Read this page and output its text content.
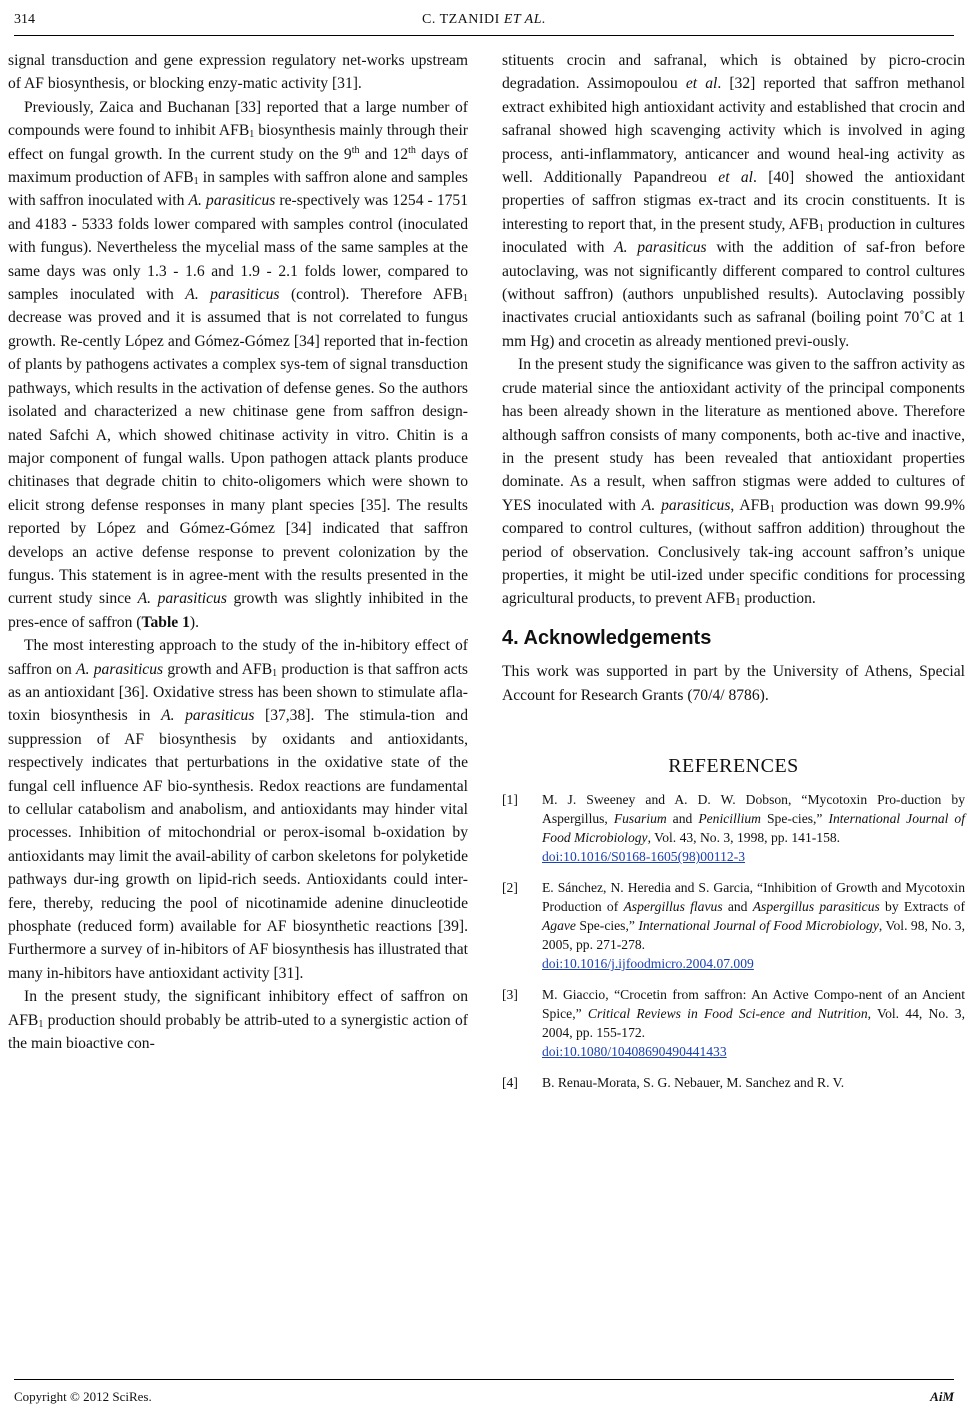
314	C. TZANIDI ET AL.

signal transduction and gene expression regulatory net-works upstream of AF biosynthesis, or blocking enzy-matic activity [31].

Previously, Zaica and Buchanan [33] reported that a large number of compounds were found to inhibit $AFB_1$ biosynthesis mainly through their effect on fungal growth. In the current study on the 9th and 12th days of maximum production of $AFB_1$ in samples with saffron alone and samples with saffron inoculated with A. parasiticus re-spectively was 1254 - 1751 and 4183 - 5333 folds lower compared with samples control (inoculated with fungus). Nevertheless the mycelial mass of the same samples at the same days was only 1.3 - 1.6 and 1.9 - 2.1 folds lower, compared to samples inoculated with A. parasiticus (control). Therefore $AFB_1$ decrease was proved and it is assumed that is not correlated to fungus growth. Re-cently López and Gómez-Gómez [34] reported that in-fection of plants by pathogens activates a complex sys-tem of signal transduction pathways, which results in the activation of defense genes. So the authors isolated and characterized a new chitinase gene from saffron design-nated Safchi A, which showed chitinase activity in vitro. Chitin is a major component of fungal walls. Upon pathogen attack plants produce chitinases that degrade chitin to chito-oligomers which were shown to elicit strong defense responses in many plant species [35]. The results reported by López and Gómez-Gómez [34] indicated that saffron develops an active defense response to prevent colonization by the fungus. This statement is in agree-ment with the results presented in the current study since A. parasiticus growth was slightly inhibited in the pres-ence of saffron (Table 1).

The most interesting approach to the study of the in-hibitory effect of saffron on A. parasiticus growth and $AFB_1$ production is that saffron acts as an antioxidant [36]. Oxidative stress has been shown to stimulate afla-toxin biosynthesis in A. parasiticus [37,38]. The stimula-tion and suppression of AF biosynthesis by oxidants and antioxidants, respectively indicates that perturbations in the oxidative state of the fungal cell influence AF bio-synthesis. Redox reactions are fundamental to cellular catabolism and anabolism, and antioxidants may hinder vital processes. Inhibition of mitochondrial or perox-isomal b-oxidation by antioxidants may limit the avail-ability of carbon skeletons for polyketide pathways dur-ing growth on lipid-rich seeds. Antioxidants could inter-fere, thereby, reducing the pool of nicotinamide adenine dinucleotide phosphate (reduced form) available for AF biosynthetic reactions [39]. Furthermore a survey of in-hibitors of AF biosynthesis has illustrated that many in-hibitors have antioxidant activity [31].

In the present study, the significant inhibitory effect of saffron on $AFB_1$ production should probably be attrib-uted to a synergistic action of the main bioactive con-

stituents crocin and safranal, which is obtained by picro-crocin degradation. Assimopoulou et al. [32] reported that saffron methanol extract exhibited high antioxidant activity and established that crocin and safranal showed high scavenging activity which is involved in aging process, anti-inflammatory, anticancer and wound heal-ing activity as well. Additionally Papandreou et al. [40] showed the antioxidant properties of saffron stigmas ex-tract and its crocin constituents. It is interesting to report that, in the present study, $AFB_1$ production in cultures inoculated with A. parasiticus with the addition of saf-fron before autoclaving, was not significantly different compared to control cultures (without saffron) (authors unpublished results). Autoclaving possibly inactivates crucial antioxidants such as safranal (boiling point 70˚C at 1 mm Hg) and crocetin as already mentioned previ-ously.

In the present study the significance was given to the saffron activity as crude material since the antioxidant activity of the principal components has been already shown in the literature as mentioned above. Therefore although saffron consists of many components, both ac-tive and inactive, in the present study has been revealed that antioxidant properties dominate. As a result, when saffron stigmas were added to cultures of YES inoculated with A. parasiticus, $AFB_1$ production was down 99.9% compared to control cultures, (without saffron addition) throughout the period of observation. Conclusively tak-ing account saffron’s unique properties, it might be util-ized under specific conditions for processing agricultural products, to prevent $AFB_1$ production.

4. Acknowledgements

This work was supported in part by the University of Athens, Special Account for Research Grants (70/4/ 8786).

REFERENCES
[1]	M. J. Sweeney and A. D. W. Dobson, “Mycotoxin Pro-duction by Aspergillus, Fusarium and Penicillium Spe-cies,” International Journal of Food Microbiology, Vol. 43, No. 3, 1998, pp. 141-158.
doi:10.1016/S0168-1605(98)00112-3
[2]	E. Sánchez, N. Heredia and S. Garcia, “Inhibition of Growth and Mycotoxin Production of Aspergillus flavus and Aspergillus parasiticus by Extracts of Agave Spe-cies,” International Journal of Food Microbiology, Vol. 98, No. 3, 2005, pp. 271-278.
doi:10.1016/j.ijfoodmicro.2004.07.009
[3]	M. Giaccio, “Crocetin from saffron: An Active Compo-nent of an Ancient Spice,” Critical Reviews in Food Sci-ence and Nutrition, Vol. 44, No. 3, 2004, pp. 155-172.
doi:10.1080/10408690490441433
[4]	B. Renau-Morata, S. G. Nebauer, M. Sanchez and R. V.
Copyright © 2012 SciRes.	AiM
